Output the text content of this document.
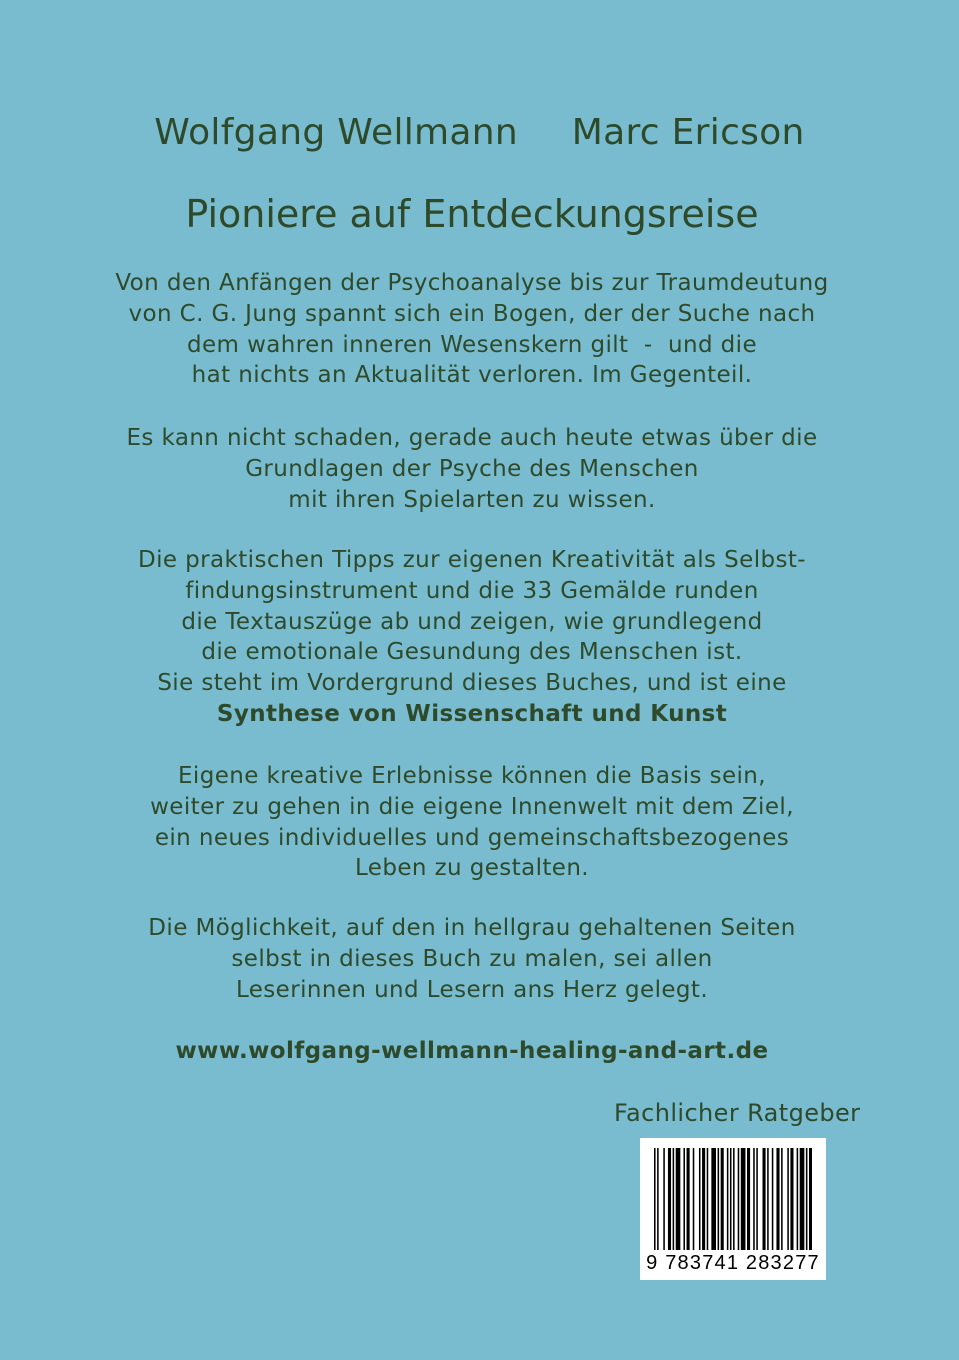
Wolfgang Wellmann Marc Ericson
Pioniere auf Entdeckungsreise
Von den Anfängen der Psychoanalyse bis zur Traumdeutung
von C. G. Jung spannt sich ein Bogen, der der Suche nach
dem wahren inneren Wesenskern gilt  -  und die
hat nichts an Aktualität verloren. Im Gegenteil.
Es kann nicht schaden, gerade auch heute etwas über die
Grundlagen der Psyche des Menschen
mit ihren Spielarten zu wissen.
Die praktischen Tipps zur eigenen Kreativität als Selbst-
findungsinstrument und die 33 Gemälde runden
die Textauszüge ab und zeigen, wie grundlegend
die emotionale Gesundung des Menschen ist.
Sie steht im Vordergrund dieses Buches, und ist eine
Synthese von Wissenschaft und Kunst
Eigene kreative Erlebnisse können die Basis sein,
weiter zu gehen in die eigene Innenwelt mit dem Ziel,
ein neues individuelles und gemeinschaftsbezogenes
Leben zu gestalten.
Die Möglichkeit, auf den in hellgrau gehaltenen Seiten
selbst in dieses Buch zu malen, sei allen
Leserinnen und Lesern ans Herz gelegt.
www.wolfgang-wellmann-healing-and-art.de
Fachlicher Ratgeber
9 783741 283277
